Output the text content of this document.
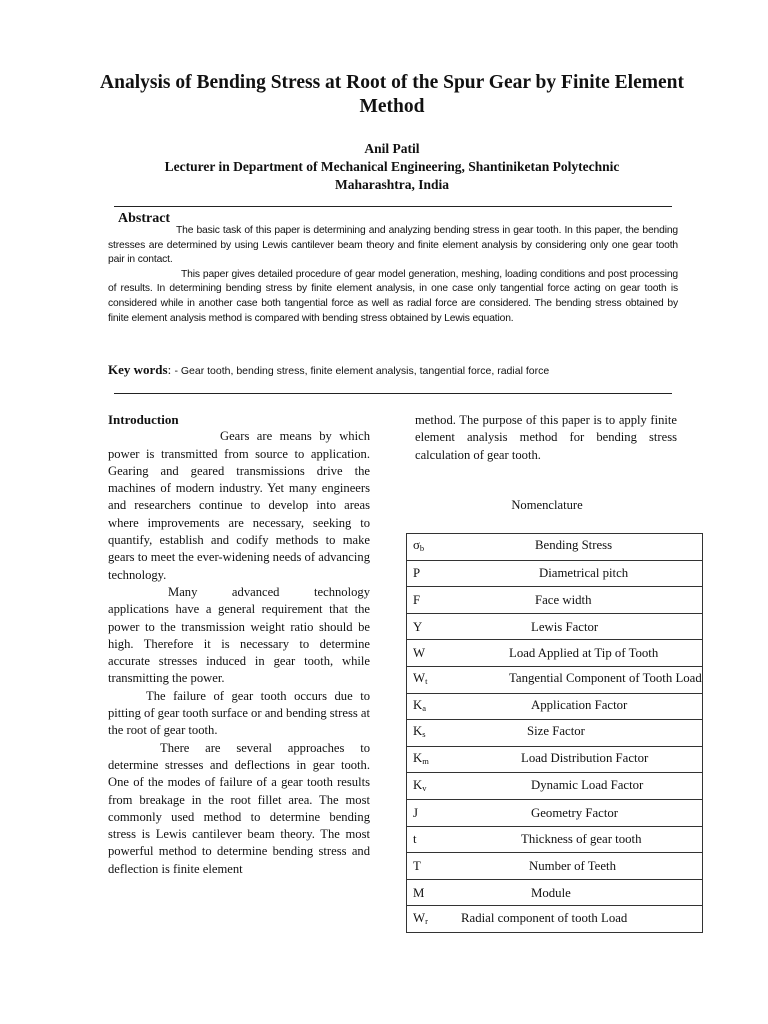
Analysis of Bending Stress at Root of the Spur Gear by Finite Element Method
Anil Patil
Lecturer in Department of Mechanical Engineering, Shantiniketan Polytechnic
Maharashtra, India
Abstract

The basic task of this paper is determining and analyzing bending stress in gear tooth. In this paper, the bending stresses are determined by using Lewis cantilever beam theory and finite element analysis by considering only one gear tooth pair in contact.

This paper gives detailed procedure of gear model generation, meshing, loading conditions and post processing of results. In determining bending stress by finite element analysis, in one case only tangential force acting on gear tooth is considered while in another case both tangential force as well as radial force are considered. The bending stress obtained by finite element analysis method is compared with bending stress obtained by Lewis equation.

Key words: - Gear tooth, bending stress, finite element analysis, tangential force, radial force
Introduction

Gears are means by which power is transmitted from source to application. Gearing and geared transmissions drive the machines of modern industry. Yet many engineers and researchers continue to develop into areas where improvements are necessary, seeking to quantify, establish and codify methods to make gears to meet the ever-widening needs of advancing technology.

Many advanced technology applications have a general requirement that the power to the transmission weight ratio should be high. Therefore it is necessary to determine accurate stresses induced in gear tooth, while transmitting the power.

The failure of gear tooth occurs due to pitting of gear tooth surface or and bending stress at the root of gear tooth.

There are several approaches to determine stresses and deflections in gear tooth. One of the modes of failure of a gear tooth results from breakage in the root fillet area. The most commonly used method to determine bending stress is Lewis cantilever beam theory. The most powerful method to determine bending stress and deflection is finite element

method. The purpose of this paper is to apply finite element analysis method for bending stress calculation of gear tooth.
Nomenclature
$\sigma_b$	Bending Stress
P	Diametrical pitch
F	Face width
Y	Lewis Factor
W	Load Applied at Tip of Tooth
$W_t$	Tangential Component of Tooth Load
$K_a$	Application Factor
$K_s$	Size Factor
$K_m$	Load Distribution Factor
$K_v$	Dynamic Load Factor
J	Geometry Factor
t	Thickness of gear tooth
T	Number of Teeth
M	Module
$W_r$	Radial component of tooth Load
